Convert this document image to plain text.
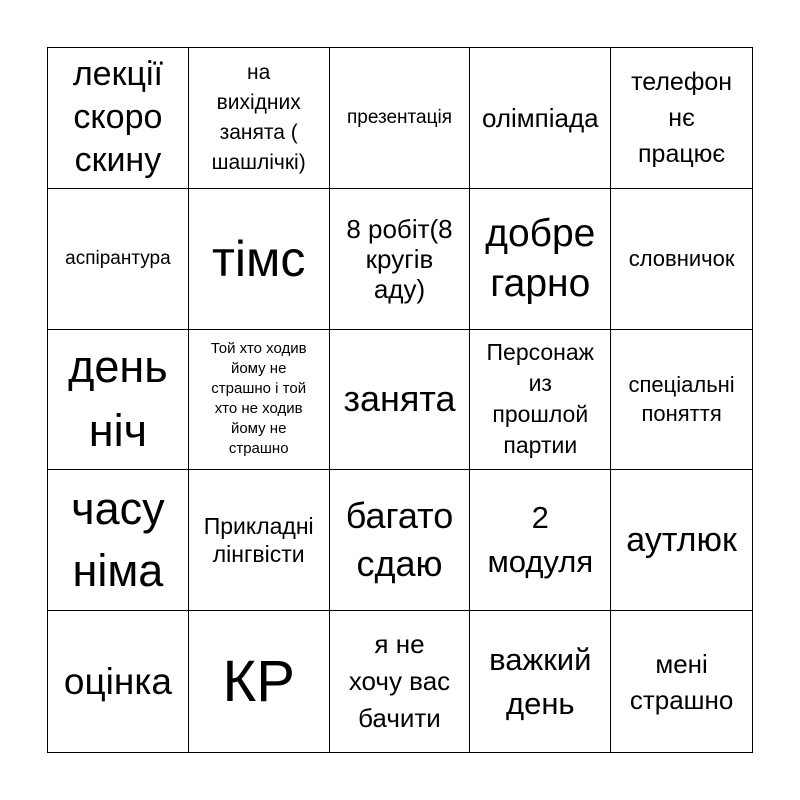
лекції
скоро
скину
на
вихідних
занята (
шашлічкі)
презентація олімпіада
телефон
нє
працює
аспірантура тімс
8 робіт(8
кругів
аду)
добре
гарно
словничок
день
ніч
Той хто ходив
йому не
страшно і той
хто не ходив
йому не
страшно
занята
Персонаж
из
прошлой
партии
спеціальні
поняття
часу
німа
Прикладні
лінгвісти
багато
сдаю
2
модуля
аутлюк
оцінка КР
я не
хочу вас
бачити
важкий
день
мені
страшно
